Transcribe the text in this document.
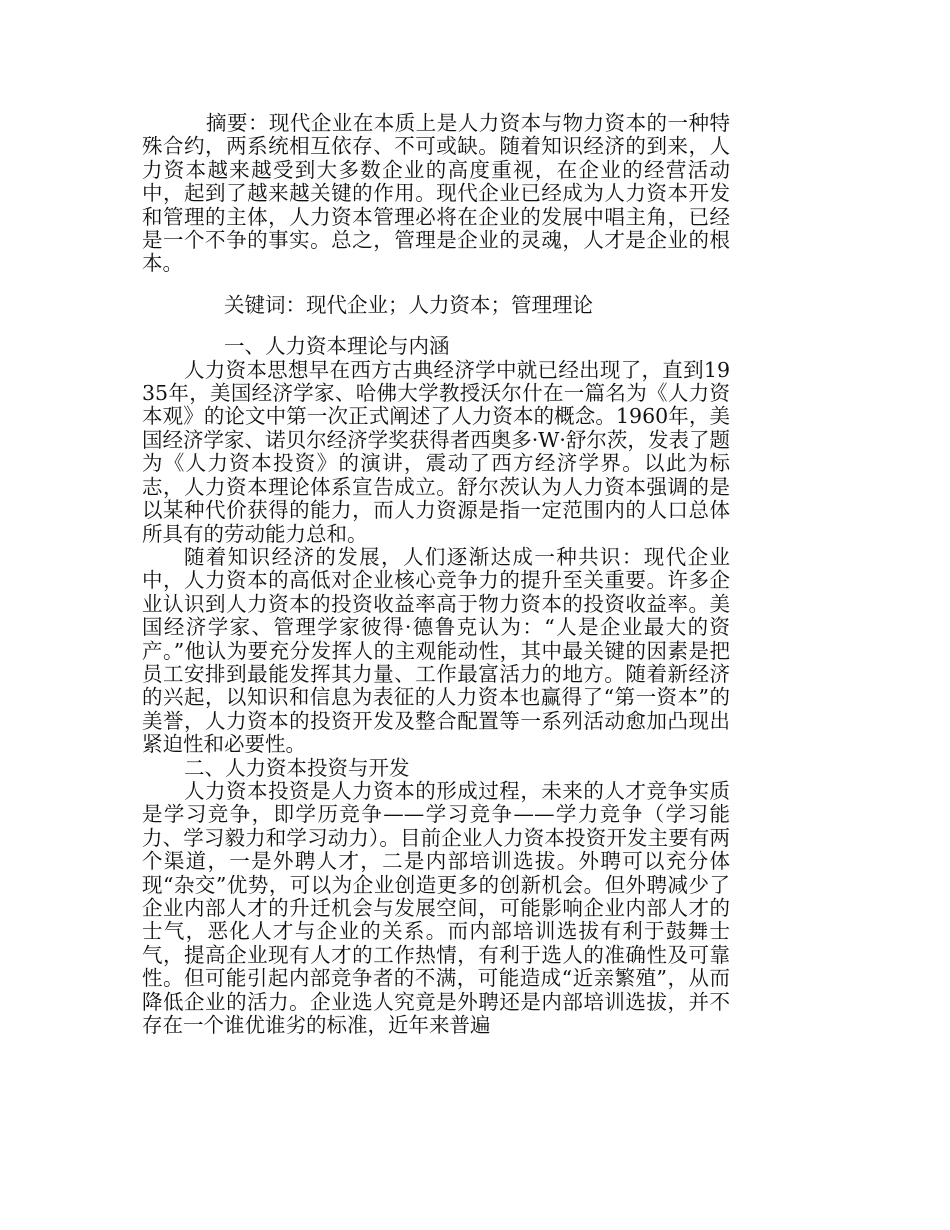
摘要：现代企业在本质上是人力资本与物力资本的一种特殊合约，两系统相互依存、不可或缺。随着知识经济的到来，人力资本越来越受到大多数企业的高度重视，在企业的经营活动中，起到了越来越关键的作用。现代企业已经成为人力资本开发和管理的主体，人力资本管理必将在企业的发展中唱主角，已经是一个不争的事实。总之，管理是企业的灵魂，人才是企业的根本。

关键词：现代企业；人力资本；管理理论

一、人力资本理论与内涵

人力资本思想早在西方古典经济学中就已经出现了，直到1935年，美国经济学家、哈佛大学教授沃尔什在一篇名为《人力资本观》的论文中第一次正式阐述了人力资本的概念。1960年，美国经济学家、诺贝尔经济学奖获得者西奥多·W·舒尔茨，发表了题为《人力资本投资》的演讲，震动了西方经济学界。以此为标志，人力资本理论体系宣告成立。舒尔茨认为人力资本强调的是以某种代价获得的能力，而人力资源是指一定范围内的人口总体所具有的劳动能力总和。

随着知识经济的发展，人们逐渐达成一种共识：现代企业中，人力资本的高低对企业核心竞争力的提升至关重要。许多企业认识到人力资本的投资收益率高于物力资本的投资收益率。美国经济学家、管理学家彼得·德鲁克认为：“人是企业最大的资产。”他认为要充分发挥人的主观能动性，其中最关键的因素是把员工安排到最能发挥其力量、工作最富活力的地方。随着新经济的兴起，以知识和信息为表征的人力资本也赢得了“第一资本”的美誉，人力资本的投资开发及整合配置等一系列活动愈加凸现出紧迫性和必要性。

二、人力资本投资与开发

人力资本投资是人力资本的形成过程，未来的人才竞争实质是学习竞争，即学历竞争——学习竞争——学力竞争（学习能力、学习毅力和学习动力）。目前企业人力资本投资开发主要有两个渠道，一是外聘人才，二是内部培训选拔。外聘可以充分体现“杂交”优势，可以为企业创造更多的创新机会。但外聘减少了企业内部人才的升迁机会与发展空间，可能影响企业内部人才的士气，恶化人才与企业的关系。而内部培训选拔有利于鼓舞士气，提高企业现有人才的工作热情，有利于选人的准确性及可靠性。但可能引起内部竞争者的不满，可能造成“近亲繁殖”，从而降低企业的活力。企业选人究竟是外聘还是内部培训选拔，并不存在一个谁优谁劣的标准，近年来普遍
